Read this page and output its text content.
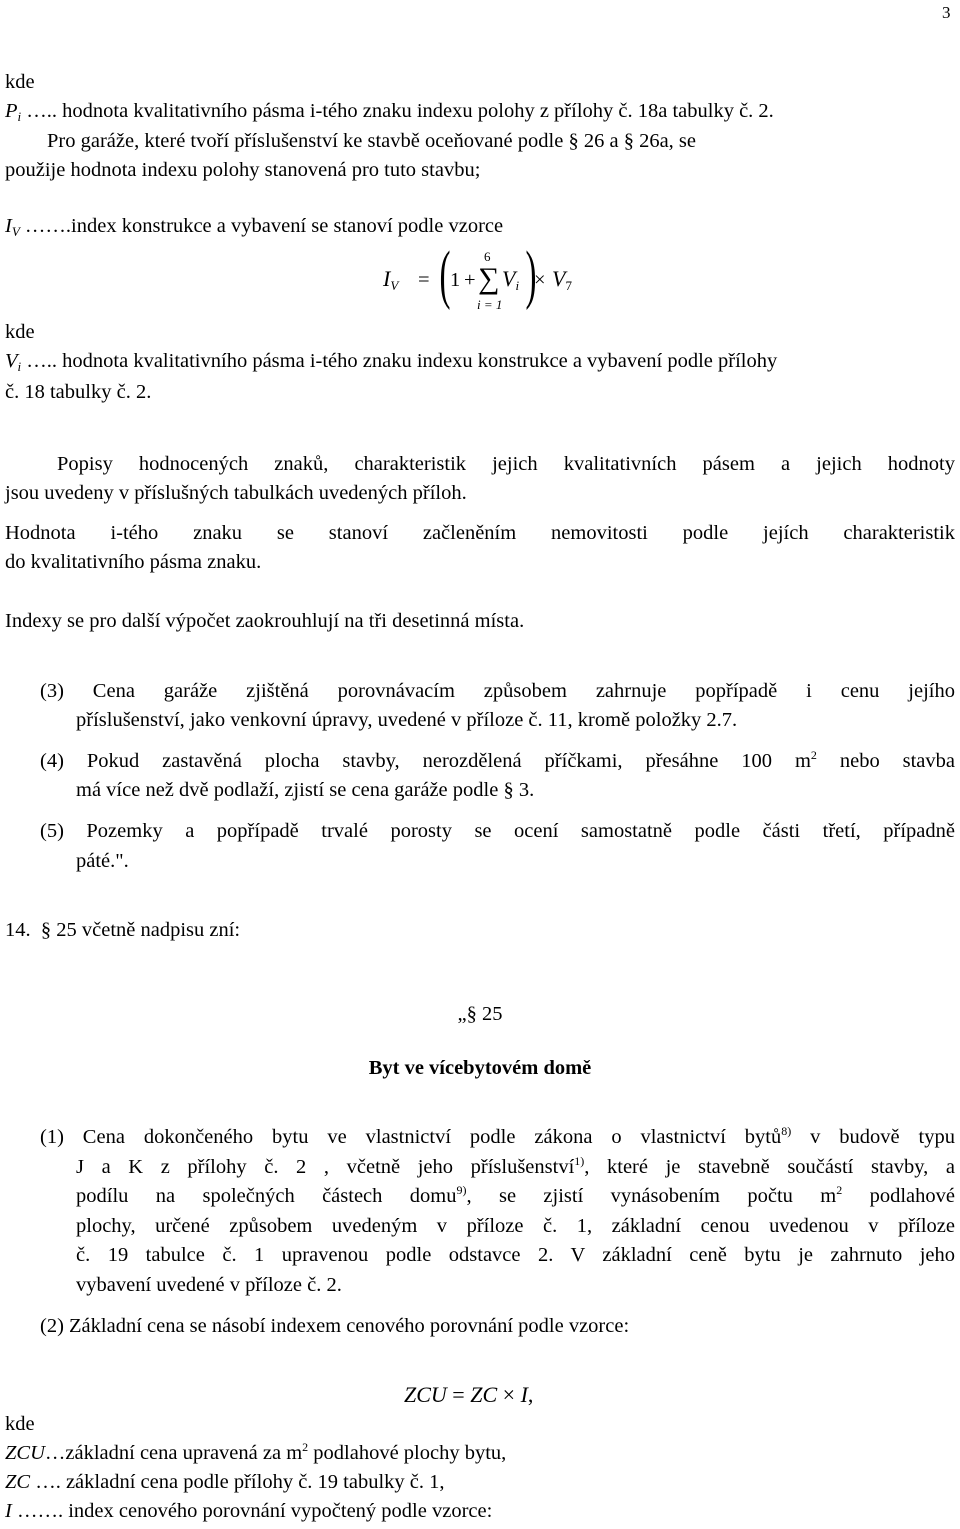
3
kde
Pi ….. hodnota kvalitativního pásma i-tého znaku indexu polohy z přílohy č. 18a tabulky č. 2.
Pro garáže, které tvoří příslušenství ke stavbě oceňované podle § 26 a § 26a, se
použije hodnota indexu polohy stanovená pro tuto stavbu;
IV …….index konstrukce a vybavení se stanoví podle vzorce
IV = ( 1 +
6
∑
i = 1
Vi )
× V7
kde
Vi ….. hodnota kvalitativního pásma i-tého znaku indexu konstrukce a vybavení podle přílohy
č. 18 tabulky č. 2.
Popisy hodnocených znaků, charakteristik jejich kvalitativních pásem a jejich hodnoty
jsou uvedeny v příslušných tabulkách uvedených příloh.
Hodnota i-tého znaku se stanoví začleněním nemovitosti podle jejích charakteristik
do kvalitativního pásma znaku.
Indexy se pro další výpočet zaokrouhlují na tři desetinná místa.
(3) Cena garáže zjištěná porovnávacím způsobem zahrnuje popřípadě i cenu jejího
příslušenství, jako venkovní úpravy, uvedené v příloze č. 11, kromě položky 2.7.
(4) Pokud zastavěná plocha stavby, nerozdělená příčkami, přesáhne 100 $m^2$ nebo stavba
má více než dvě podlaží, zjistí se cena garáže podle § 3.
(5) Pozemky a popřípadě trvalé porosty se ocení samostatně podle části třetí, případně
páté.".
14. § 25 včetně nadpisu zní:
„§ 25
Byt ve vícebytovém domě
(1) Cena dokončeného bytu ve vlastnictví podle zákona o vlastnictví bytů$^{8)}$ v budově typu
J a K z přílohy č. 2 , včetně jeho příslušenství$^{1)}$, které je stavebně součástí stavby, a
podílu na společných částech domu$^{9)}$, se zjistí vynásobením počtu $m^2$ podlahové
plochy, určené způsobem uvedeným v příloze č. 1, základní cenou uvedenou v příloze
č. 19 tabulce č. 1 upravenou podle odstavce 2. V základní ceně bytu je zahrnuto jeho
vybavení uvedené v příloze č. 2.
(2) Základní cena se násobí indexem cenového porovnání podle vzorce:
ZCU = ZC × I,
kde
ZCU…základní cena upravená za $m^2$ podlahové plochy bytu,
ZC …. základní cena podle přílohy č. 19 tabulky č. 1,
I ……. index cenového porovnání vypočtený podle vzorce:
